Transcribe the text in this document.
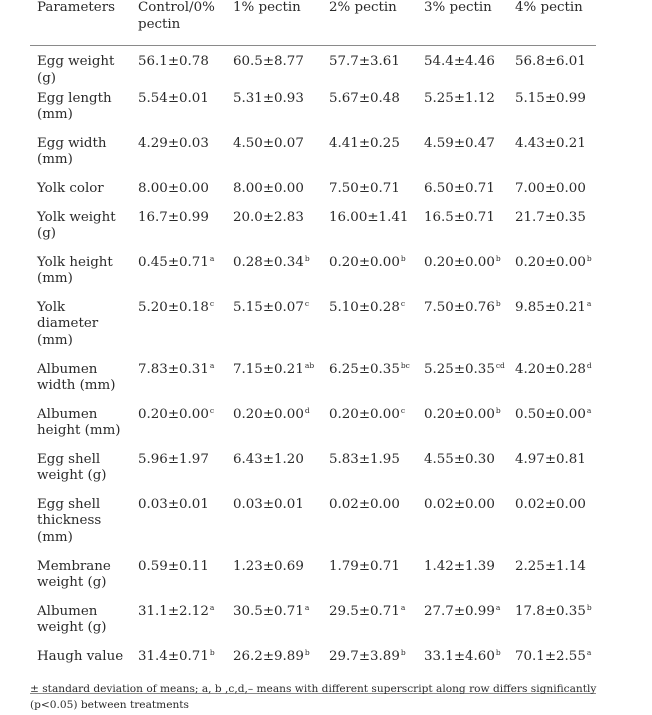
Parameters	Control/0% pectin	1% pectin	2% pectin	3% pectin	4% pectin
Egg weight (g)	56.1±0.78	60.5±8.77	57.7±3.61	54.4±4.46	56.8±6.01
Egg length (mm)	5.54±0.01	5.31±0.93	5.67±0.48	5.25±1.12	5.15±0.99
Egg width (mm)	4.29±0.03	4.50±0.07	4.41±0.25	4.59±0.47	4.43±0.21
Yolk color	8.00±0.00	8.00±0.00	7.50±0.71	6.50±0.71	7.00±0.00
Yolk weight (g)	16.7±0.99	20.0±2.83	16.00±1.41	16.5±0.71	21.7±0.35
Yolk height (mm)	0.45±0.71$^a$	0.28±0.34$^b$	0.20±0.00$^b$	0.20±0.00$^b$	0.20±0.00$^b$
Yolk diameter (mm)	5.20±0.18$^c$	5.15±0.07$^c$	5.10±0.28$^c$	7.50±0.76$^b$	9.85±0.21$^a$
Albumen width (mm)	7.83±0.31$^a$	7.15±0.21$^{ab}$	6.25±0.35$^{bc}$	5.25±0.35$^{cd}$	4.20±0.28$^d$
Albumen height (mm)	0.20±0.00$^c$	0.20±0.00$^d$	0.20±0.00$^c$	0.20±0.00$^b$	0.50±0.00$^a$
Egg shell weight (g)	5.96±1.97	6.43±1.20	5.83±1.95	4.55±0.30	4.97±0.81
Egg shell thickness (mm)	0.03±0.01	0.03±0.01	0.02±0.00	0.02±0.00	0.02±0.00
Membrane weight (g)	0.59±0.11	1.23±0.69	1.79±0.71	1.42±1.39	2.25±1.14
Albumen weight (g)	31.1±2.12$^a$	30.5±0.71$^a$	29.5±0.71$^a$	27.7±0.99$^a$	17.8±0.35$^b$
Haugh value	31.4±0.71$^b$	26.2±9.89$^b$	29.7±3.89$^b$	33.1±4.60$^b$	70.1±2.55$^a$
± standard deviation of means; a, b ,c,d,– means with different superscript along row differs significantly (p<0.05) between treatments
